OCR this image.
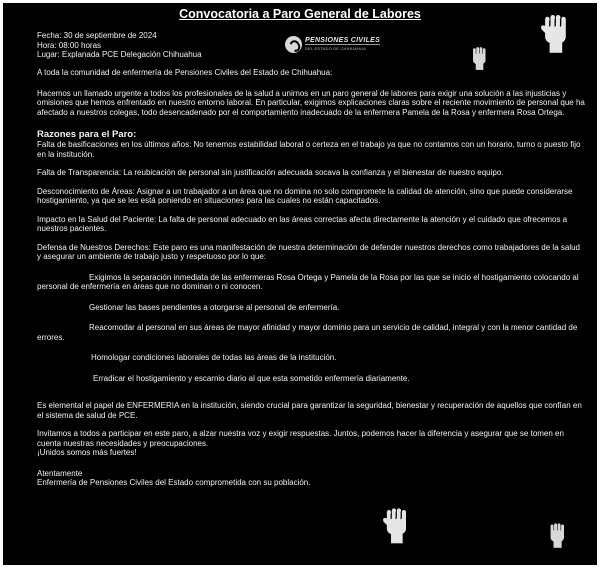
Convocatoria a Paro General de Labores
Fecha: 30 de septiembre de 2024
Hora: 08:00 horas
Lugar: Explanada PCE Delegación Chihuahua
PENSIONES CIVILES
DEL ESTADO DE CHIHUAHUA

A toda la comunidad de enfermería de Pensiones Civiles del Estado de Chihuahua:

Hacemos un llamado urgente a todos los profesionales de la salud a unirnos en un paro general de labores para exigir una solución a las injusticias y omisiones que hemos enfrentado en nuestro entorno laboral. En particular, exigimos explicaciones claras sobre el reciente movimiento de personal que ha afectado a nuestros colegas, todo desencadenado por el comportamiento inadecuado de la enfermera Pamela de la Rosa y enfermera Rosa Ortega.

Razones para el Paro:

Falta de basificaciones en los últimos años: No tenemos estabilidad laboral o certeza en el trabajo ya que no contamos con un horario, turno o puesto fijo en la institución.

Falta de Transparencia: La reubicación de personal sin justificación adecuada socava la confianza y el bienestar de nuestro equipo.

Desconocimiento de Áreas: Asignar a un trabajador a un área que no domina no solo compromete la calidad de atención, sino que puede considerarse hostigamiento, ya que se les está poniendo en situaciones para las cuales no están capacitados.

Impacto en la Salud del Paciente: La falta de personal adecuado en las áreas correctas afecta directamente la atención y el cuidado que ofrecemos a nuestros pacientes.

Defensa de Nuestros Derechos: Este paro es una manifestación de nuestra determinación de defender nuestros derechos como trabajadores de la salud y asegurar un ambiente de trabajo justo y respetuoso por lo que:

Exigimos la separación inmediata de las enfermeras Rosa Ortega y Pamela de la Rosa por las que se inicio el hostigamiento colocando al personal de enfermería en áreas que no dominan o ni conocen.

Gestionar las bases pendientes a otorgarse al personal de enfermería.

Reacomodar al personal en sus áreas de mayor afinidad y mayor dominio para un servicio de calidad, integral y con la menor cantidad de errores.

Homologar condiciones laborales de todas las áreas de la institución.

Erradicar el hostigamiento y escarnio diario al que esta sometido enfermería diariamente.

Es elemental el papel de ENFERMERIA en la institución, siendo crucial para garantizar la seguridad, bienestar y recuperación de aquellos que confían en el sistema de salud de PCE.

Invitamos a todos a participar en este paro, a alzar nuestra voz y exigir respuestas. Juntos, podemos hacer la diferencia y asegurar que se tomen en cuenta nuestras necesidades y preocupaciones.

¡Unidos somos más fuertes!

Atentamente

Enfermería de Pensiones Civiles del Estado comprometida con su población.
